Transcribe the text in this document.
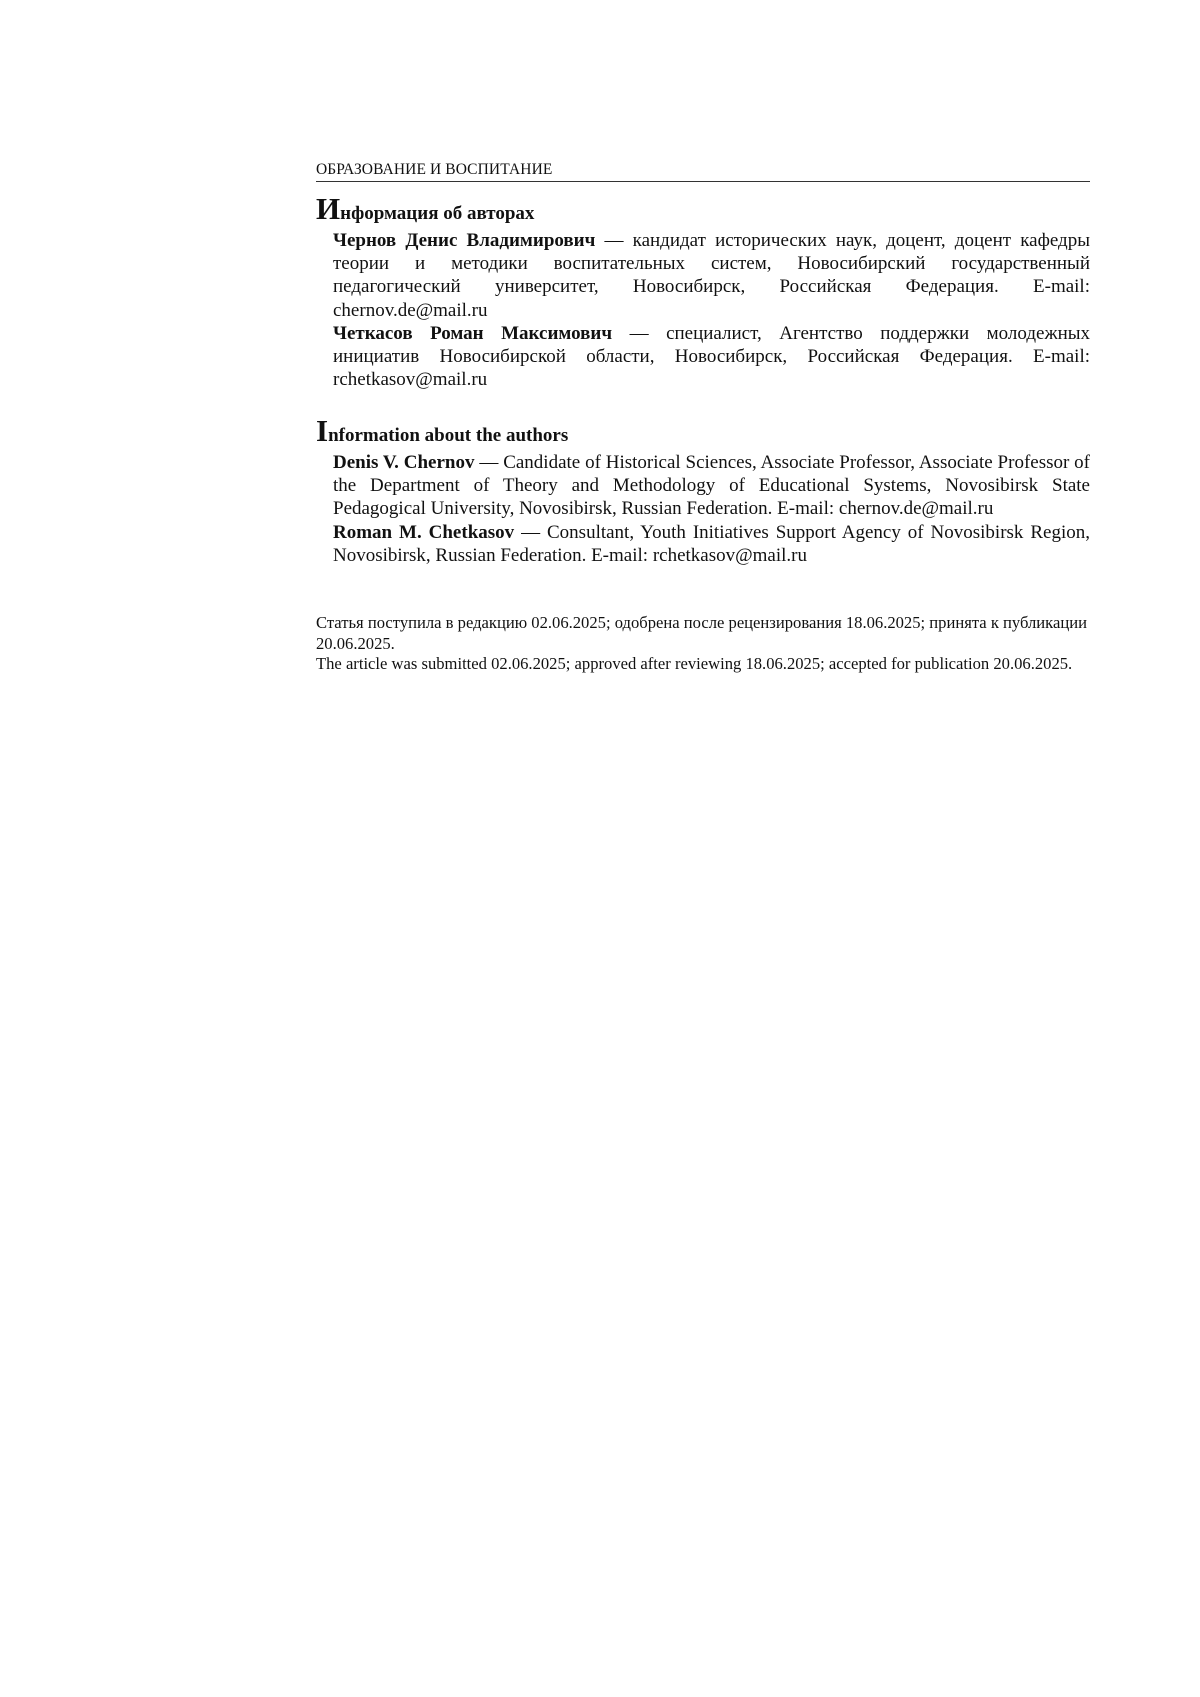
ОБРАЗОВАНИЕ И ВОСПИТАНИЕ
Информация об авторах

Чернов Денис Владимирович — кандидат исторических наук, доцент, доцент кафедры теории и методики воспитательных систем, Новосибирский государственный педагогический университет, Новосибирск, Российская Федерация. E-mail: chernov.de@mail.ru

Четкасов Роман Максимович — специалист, Агентство поддержки молодежных инициатив Новосибирской области, Новосибирск, Российская Федерация. E-mail: rchetkasov@mail.ru

Information about the authors

Denis V. Chernov — Candidate of Historical Sciences, Associate Professor, Associate Professor of the Department of Theory and Methodology of Educational Systems, Novosibirsk State Pedagogical University, Novosibirsk, Russian Federation. E-mail: chernov.de@mail.ru

Roman M. Chetkasov — Consultant, Youth Initiatives Support Agency of Novosibirsk Region, Novosibirsk, Russian Federation. E-mail: rchetkasov@mail.ru

Статья поступила в редакцию 02.06.2025; одобрена после рецензирования 18.06.2025; принята к публикации 20.06.2025.

The article was submitted 02.06.2025; approved after reviewing 18.06.2025; accepted for publication 20.06.2025.
